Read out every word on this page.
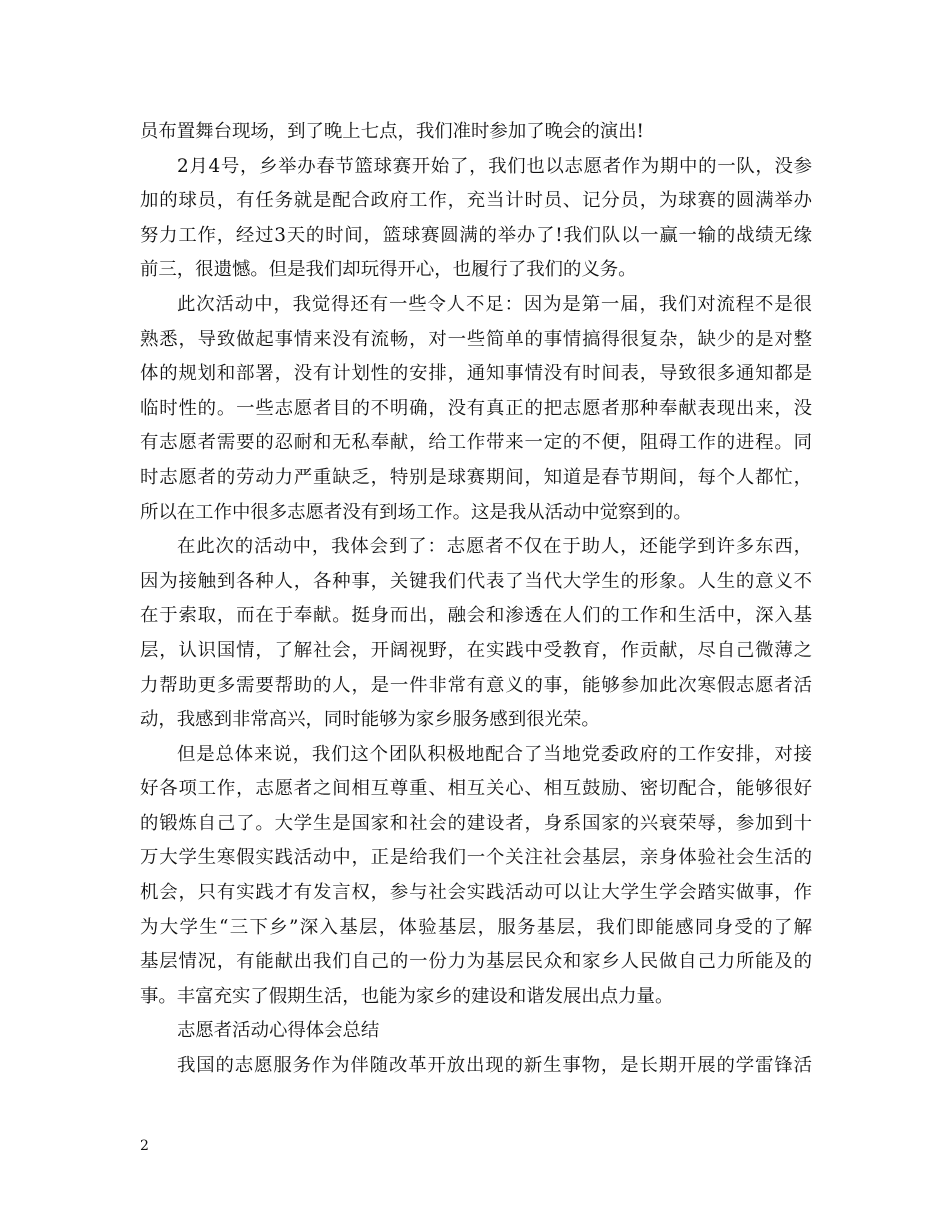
员布置舞台现场，到了晚上七点，我们准时参加了晚会的演出!
2月4号，乡举办春节篮球赛开始了，我们也以志愿者作为期中的一队，没参
加的球员，有任务就是配合政府工作，充当计时员、记分员，为球赛的圆满举办
努力工作，经过3天的时间，篮球赛圆满的举办了!我们队以一赢一输的战绩无缘
前三，很遗憾。但是我们却玩得开心，也履行了我们的义务。
此次活动中，我觉得还有一些令人不足：因为是第一届，我们对流程不是很
熟悉，导致做起事情来没有流畅，对一些简单的事情搞得很复杂，缺少的是对整
体的规划和部署，没有计划性的安排，通知事情没有时间表，导致很多通知都是
临时性的。一些志愿者目的不明确，没有真正的把志愿者那种奉献表现出来，没
有志愿者需要的忍耐和无私奉献，给工作带来一定的不便，阻碍工作的进程。同
时志愿者的劳动力严重缺乏，特别是球赛期间，知道是春节期间，每个人都忙，
所以在工作中很多志愿者没有到场工作。这是我从活动中觉察到的。
在此次的活动中，我体会到了：志愿者不仅在于助人，还能学到许多东西，
因为接触到各种人，各种事，关键我们代表了当代大学生的形象。人生的意义不
在于索取，而在于奉献。挺身而出，融会和渗透在人们的工作和生活中，深入基
层，认识国情，了解社会，开阔视野，在实践中受教育，作贡献，尽自己微薄之
力帮助更多需要帮助的人，是一件非常有意义的事，能够参加此次寒假志愿者活
动，我感到非常高兴，同时能够为家乡服务感到很光荣。
但是总体来说，我们这个团队积极地配合了当地党委政府的工作安排，对接
好各项工作，志愿者之间相互尊重、相互关心、相互鼓励、密切配合，能够很好
的锻炼自己了。大学生是国家和社会的建设者，身系国家的兴衰荣辱，参加到十
万大学生寒假实践活动中，正是给我们一个关注社会基层，亲身体验社会生活的
机会，只有实践才有发言权，参与社会实践活动可以让大学生学会踏实做事，作
为大学生“三下乡”深入基层，体验基层，服务基层，我们即能感同身受的了解
基层情况，有能献出我们自己的一份力为基层民众和家乡人民做自己力所能及的
事。丰富充实了假期生活，也能为家乡的建设和谐发展出点力量。
志愿者活动心得体会总结
我国的志愿服务作为伴随改革开放出现的新生事物，是长期开展的学雷锋活
2
